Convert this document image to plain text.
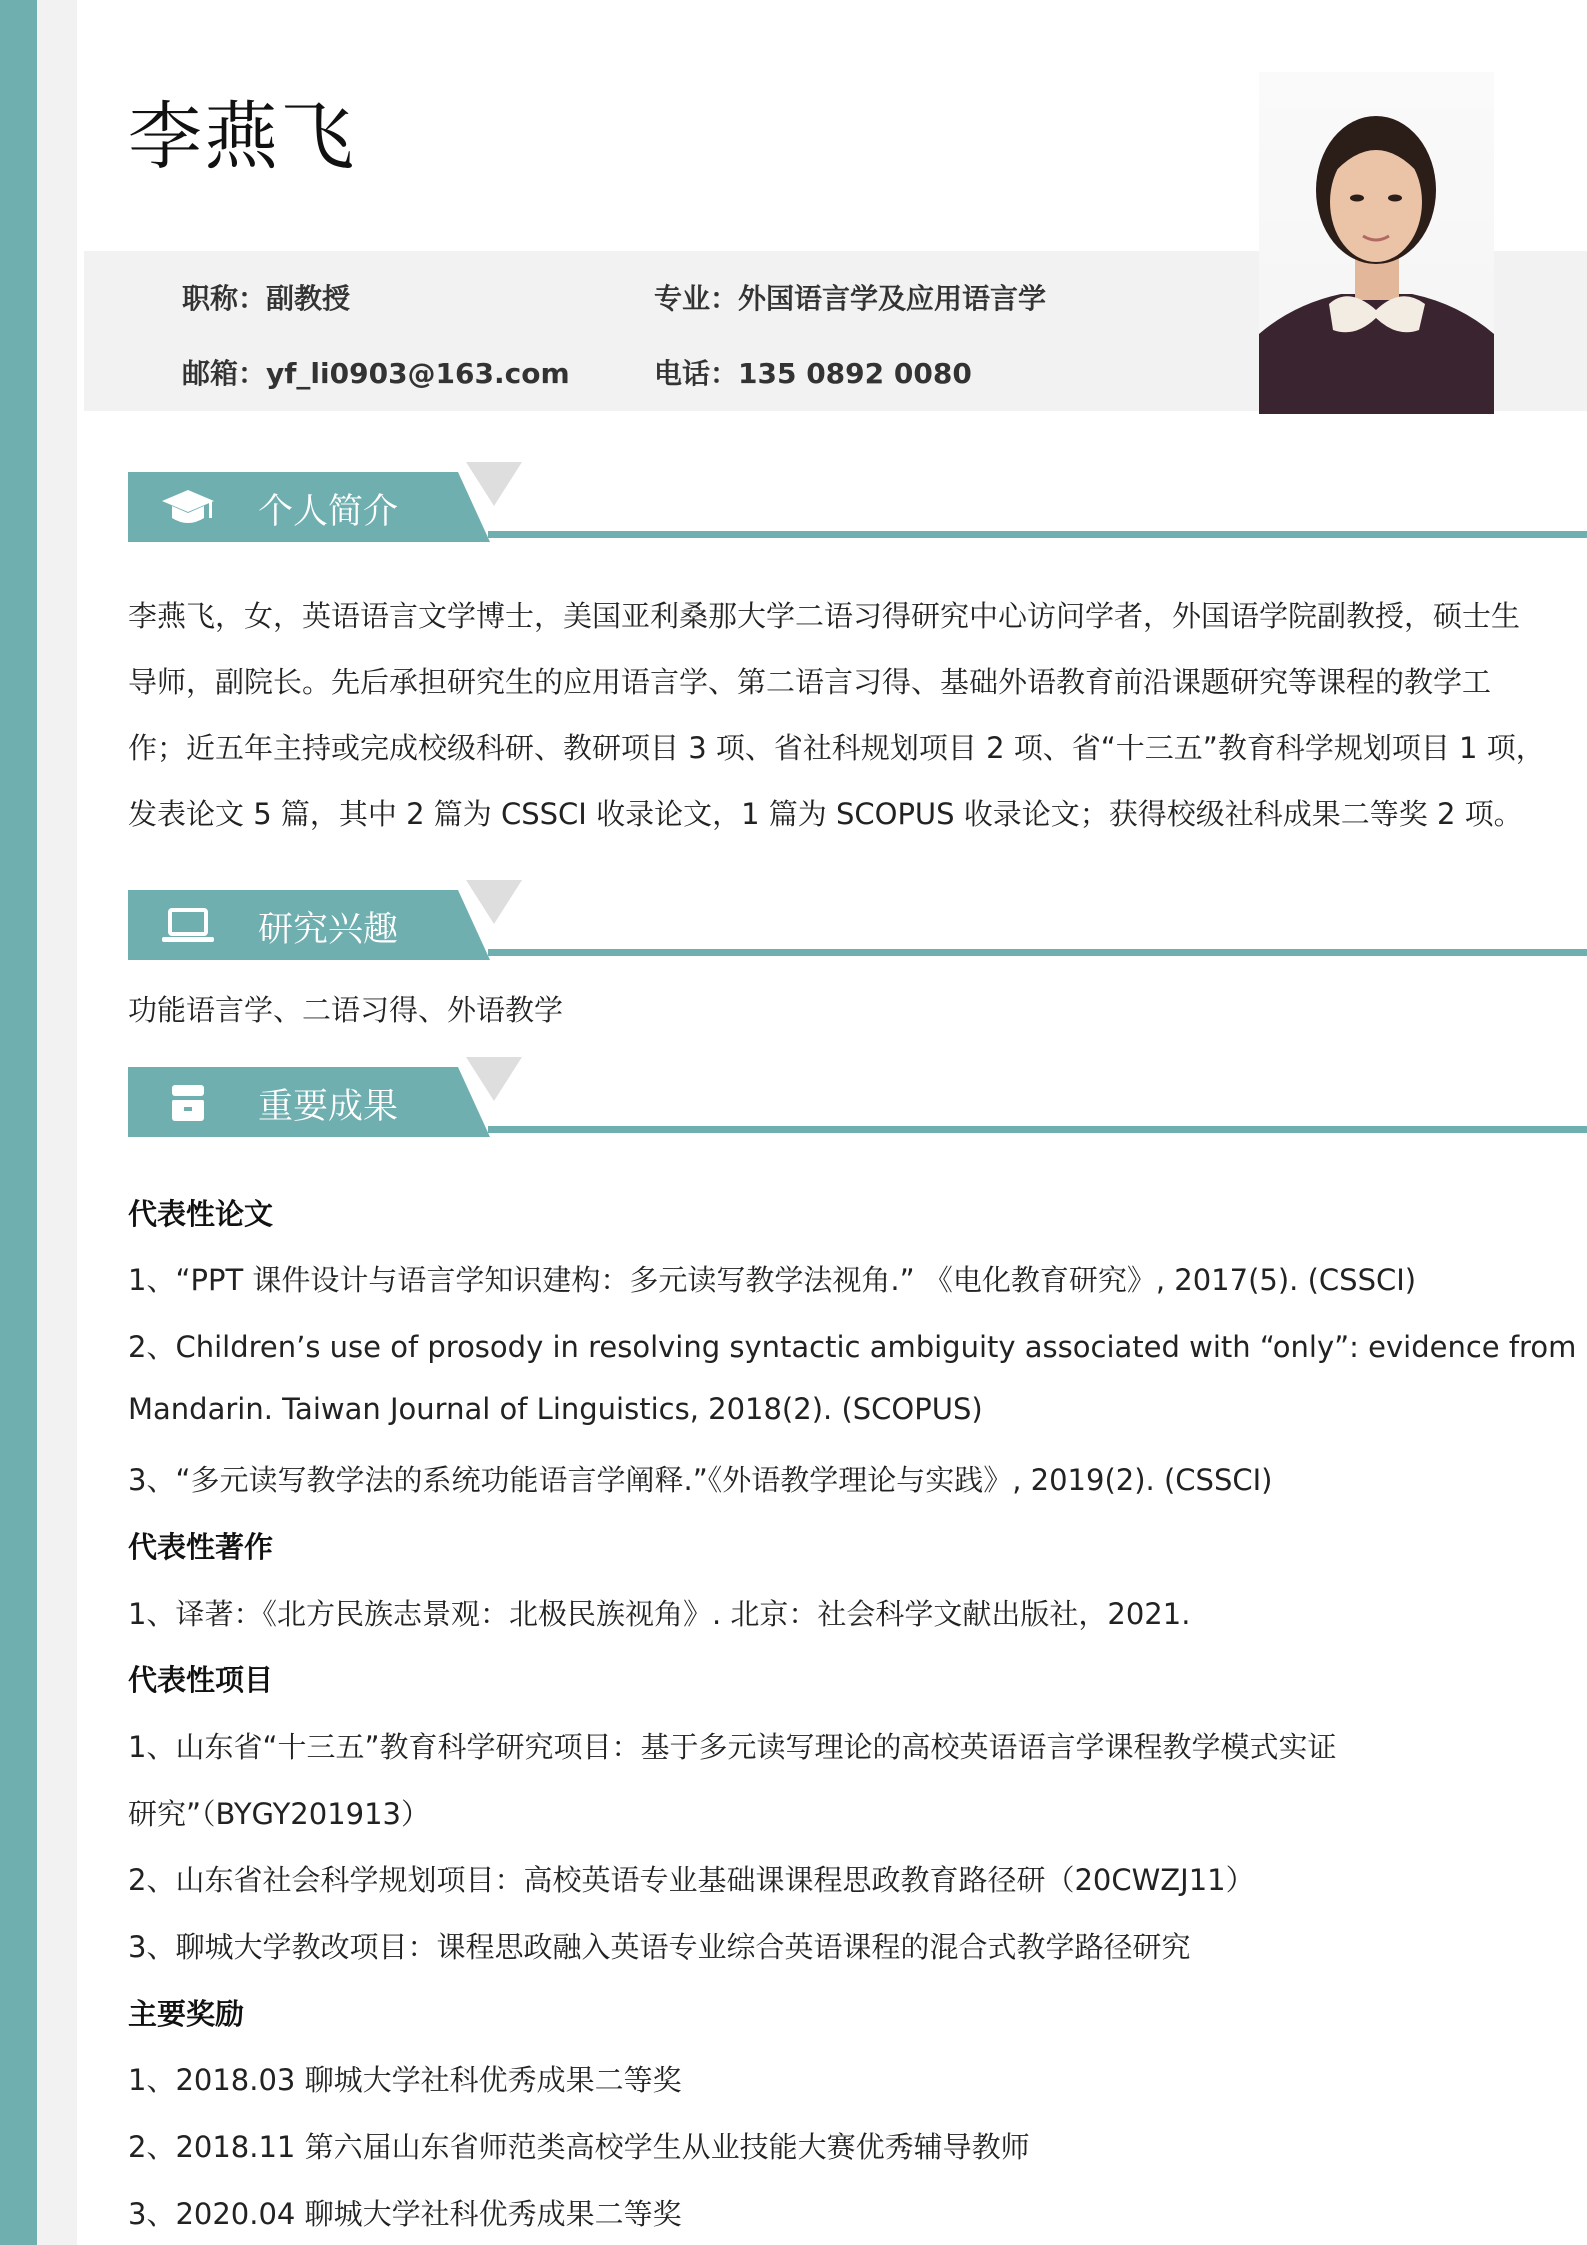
李燕飞
职称：副教授	专业：外国语言学及应用语言学
邮箱：yf_li0903@163.com	电话：135 0892 0080
个人简介
李燕飞，女，英语语言文学博士，美国亚利桑那大学二语习得研究中心访问学者，外国语学院副教授，硕士生导师，副院长。先后承担研究生的应用语言学、第二语言习得、基础外语教育前沿课题研究等课程的教学工作；近五年主持或完成校级科研、教研项目 3 项、省社科规划项目 2 项、省“十三五”教育科学规划项目 1 项，发表论文 5 篇，其中 2 篇为 CSSCI 收录论文，1 篇为 SCOPUS 收录论文；获得校级社科成果二等奖 2 项。
研究兴趣
功能语言学、二语习得、外语教学
重要成果
代表性论文
1、“PPT 课件设计与语言学知识建构：多元读写教学法视角.” 《电化教育研究》, 2017(5). (CSSCI)
2、Children’s use of prosody in resolving syntactic ambiguity associated with “only”: evidence from
Mandarin. Taiwan Journal of Linguistics, 2018(2). (SCOPUS)
3、“多元读写教学法的系统功能语言学阐释.”《外语教学理论与实践》, 2019(2). (CSSCI)
代表性著作
1、译著：《北方民族志景观：北极民族视角》. 北京：社会科学文献出版社，2021.
代表性项目
1、山东省“十三五”教育科学研究项目：基于多元读写理论的高校英语语言学课程教学模式实证
研究”（BYGY201913）
2、山东省社会科学规划项目：高校英语专业基础课课程思政教育路径研（20CWZJ11）
3、聊城大学教改项目：课程思政融入英语专业综合英语课程的混合式教学路径研究
主要奖励
1、2018.03 聊城大学社科优秀成果二等奖
2、2018.11 第六届山东省师范类高校学生从业技能大赛优秀辅导教师
3、2020.04 聊城大学社科优秀成果二等奖
